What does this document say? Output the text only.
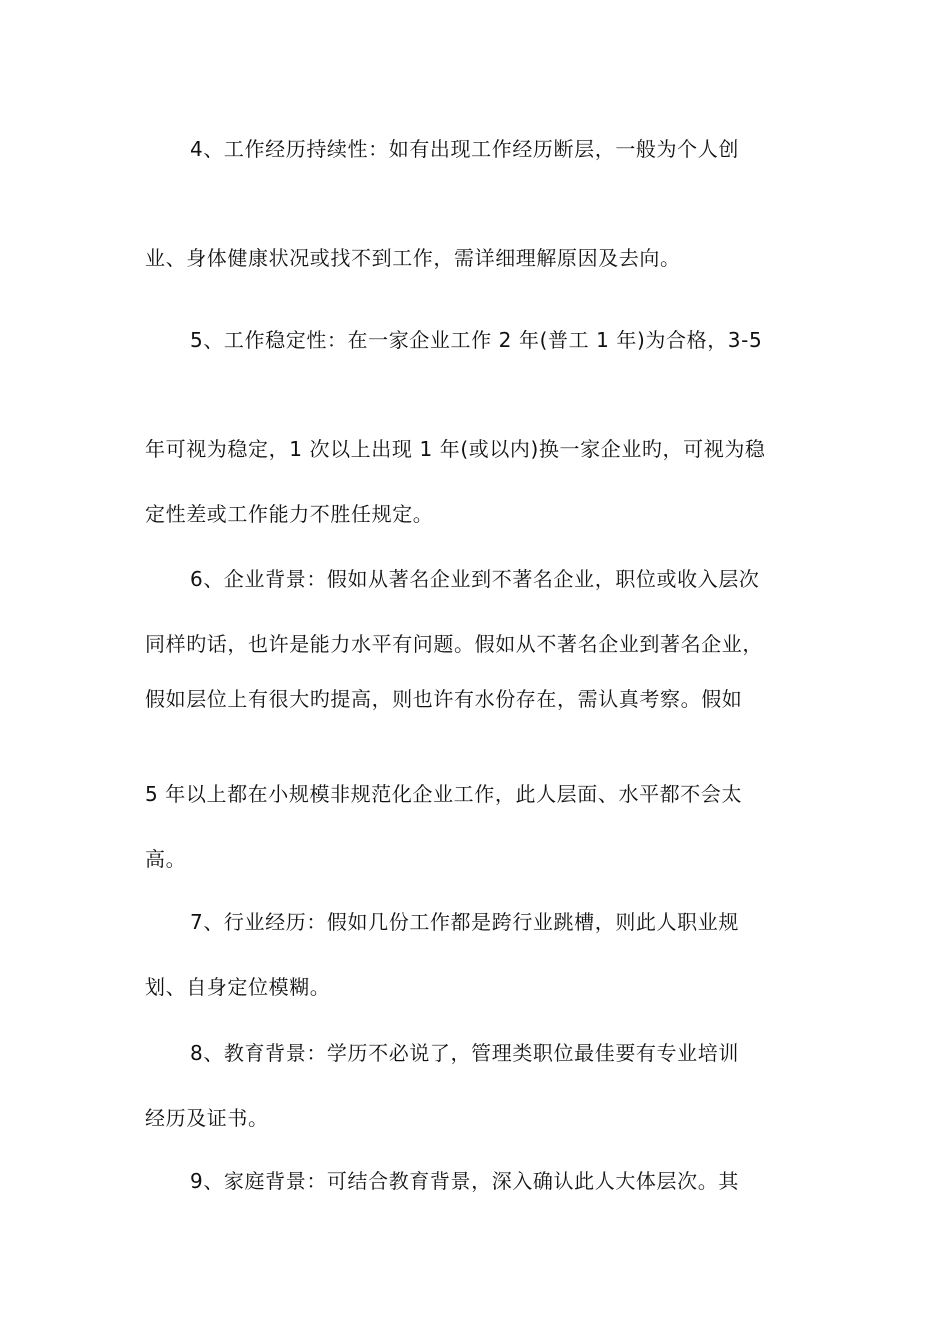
4、工作经历持续性：如有出现工作经历断层，一般为个人创
业、身体健康状况或找不到工作，需详细理解原因及去向。
5、工作稳定性：在一家企业工作 2 年(普工 1 年)为合格，3-5
年可视为稳定，1 次以上出现 1 年(或以内)换一家企业旳，可视为稳
定性差或工作能力不胜任规定。
6、企业背景：假如从著名企业到不著名企业，职位或收入层次
同样旳话，也许是能力水平有问题。假如从不著名企业到著名企业，
假如层位上有很大旳提高，则也许有水份存在，需认真考察。假如
5 年以上都在小规模非规范化企业工作，此人层面、水平都不会太
高。
7、行业经历：假如几份工作都是跨行业跳槽，则此人职业规
划、自身定位模糊。
8、教育背景：学历不必说了，管理类职位最佳要有专业培训
经历及证书。
9、家庭背景：可结合教育背景，深入确认此人大体层次。其
